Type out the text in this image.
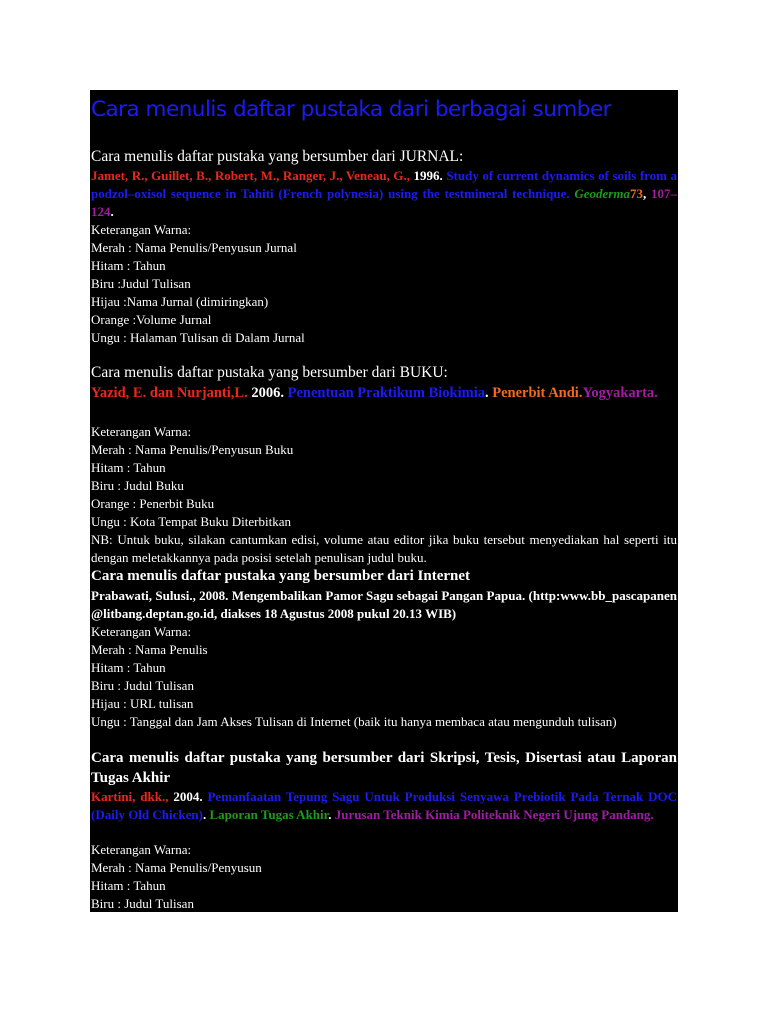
Cara menulis daftar pustaka dari berbagai sumber
Cara menulis daftar pustaka yang bersumber dari JURNAL:
Jamet, R., Guillet, B., Robert, M., Ranger, J., Veneau, G., 1996. Study of current dynamics of soils from a podzol–oxisol sequence in Tahiti (French polynesia) using the testmineral technique. Geoderma73, 107–124.
Keterangan Warna:
Merah : Nama Penulis/Penyusun Jurnal
Hitam : Tahun
Biru :Judul Tulisan
Hijau :Nama Jurnal (dimiringkan)
Orange :Volume Jurnal
Ungu : Halaman Tulisan di Dalam Jurnal
Cara menulis daftar pustaka yang bersumber dari BUKU:
Yazid, E. dan Nurjanti,L. 2006. Penentuan Praktikum Biokimia. Penerbit Andi.Yogyakarta.
Keterangan Warna:
Merah : Nama Penulis/Penyusun Buku
Hitam : Tahun
Biru : Judul Buku
Orange : Penerbit Buku
Ungu : Kota Tempat Buku Diterbitkan
NB: Untuk buku, silakan cantumkan edisi, volume atau editor jika buku tersebut menyediakan hal seperti itu dengan meletakkannya pada posisi setelah penulisan judul buku.
Cara menulis daftar pustaka yang bersumber dari Internet
Prabawati, Sulusi., 2008. Mengembalikan Pamor Sagu sebagai Pangan Papua. (http:www.bb_pascapanen@litbang.deptan.go.id, diakses 18 Agustus 2008 pukul 20.13 WIB)
Keterangan Warna:
Merah : Nama Penulis
Hitam : Tahun
Biru : Judul Tulisan
Hijau : URL tulisan
Ungu : Tanggal dan Jam Akses Tulisan di Internet (baik itu hanya membaca atau mengunduh tulisan)
Cara menulis daftar pustaka yang bersumber dari Skripsi, Tesis, Disertasi atau Laporan Tugas Akhir
Kartini, dkk., 2004. Pemanfaatan Tepung Sagu Untuk Produksi Senyawa Prebiotik Pada Ternak DOC (Daily Old Chicken). Laporan Tugas Akhir. Jurusan Teknik Kimia Politeknik Negeri Ujung Pandang.
Keterangan Warna:
Merah : Nama Penulis/Penyusun
Hitam : Tahun
Biru : Judul Tulisan
